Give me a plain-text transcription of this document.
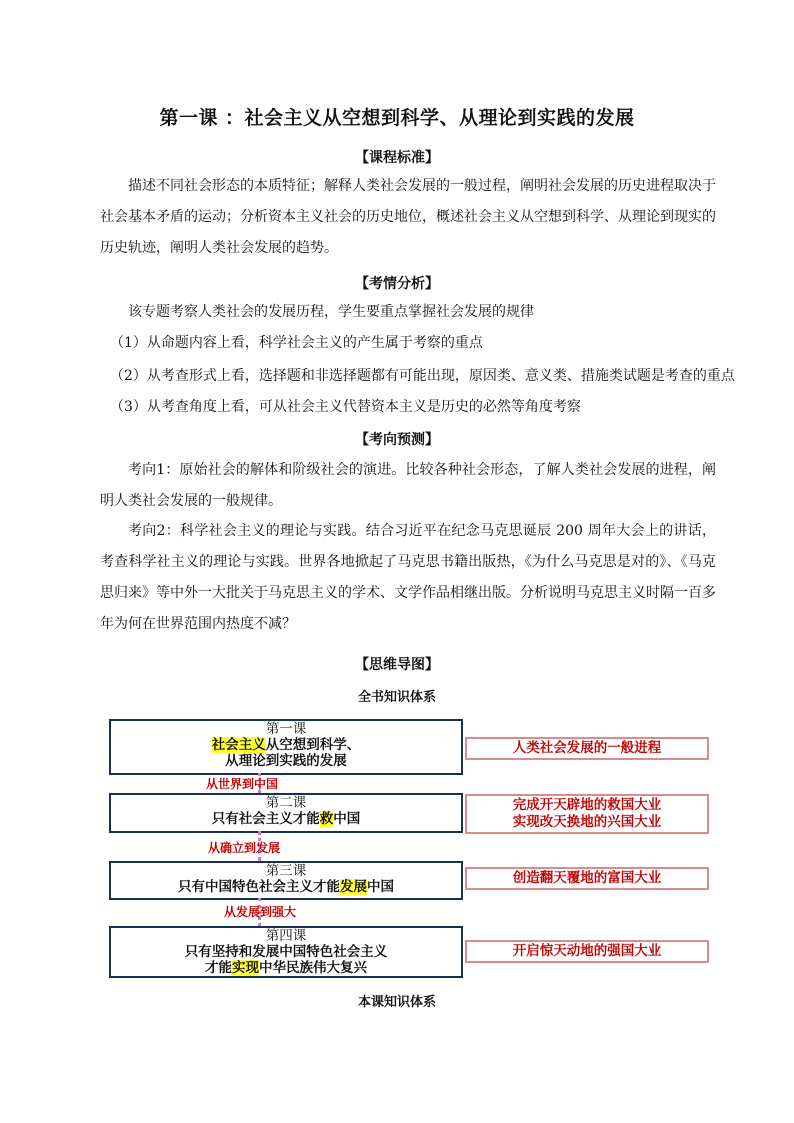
第一课 ：社会主义从空想到科学、从理论到实践的发展
【课程标准】
描述不同社会形态的本质特征；解释人类社会发展的一般过程，阐明社会发展的历史进程取决于社会基本矛盾的运动；分析资本主义社会的历史地位，概述社会主义从空想到科学、从理论到现实的历史轨迹，阐明人类社会发展的趋势。
【考情分析】
该专题考察人类社会的发展历程，学生要重点掌握社会发展的规律
（1）从命题内容上看，科学社会主义的产生属于考察的重点
（2）从考查形式上看，选择题和非选择题都有可能出现，原因类、意义类、措施类试题是考查的重点
（3）从考查角度上看，可从社会主义代替资本主义是历史的必然等角度考察
【考向预测】
考向1：原始社会的解体和阶级社会的演进。比较各种社会形态，了解人类社会发展的进程，阐明人类社会发展的一般规律。
考向2：科学社会主义的理论与实践。结合习近平在纪念马克思诞辰 200 周年大会上的讲话，考查科学社主义的理论与实践。世界各地掀起了马克思书籍出版热，《为什么马克思是对的》、《马克思归来》等中外一大批关于马克思主义的学术、文学作品相继出版。分析说明马克思主义时隔一百多年为何在世界范围内热度不减？
【思维导图】
全书知识体系
第一课
社会主义从空想到科学、
从理论到实践的发展
人类社会发展的一般进程
从世界到中国
第二课
只有社会主义才能救中国
完成开天辟地的救国大业
实现改天换地的兴国大业
从确立到发展
第三课
只有中国特色社会主义才能发展中国
创造翻天覆地的富国大业
从发展到强大
第四课
只有坚持和发展中国特色社会主义
才能实现中华民族伟大复兴
开启惊天动地的强国大业
本课知识体系
